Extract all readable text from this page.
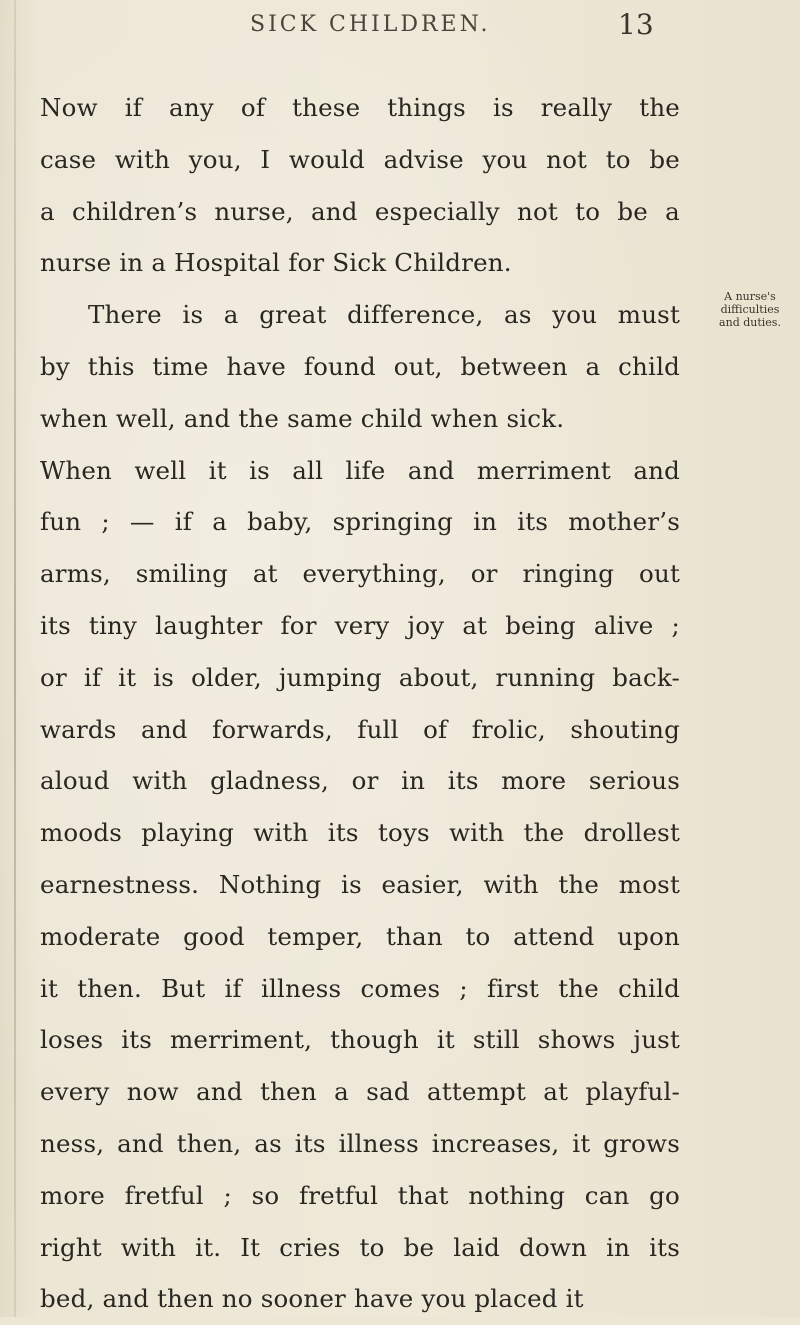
SICK CHILDREN.	13
A nurse's
difficulties
and duties.
Now if any of these things is really the
case with you, I would advise you not to be
a children’s nurse, and especially not to be a
nurse in a Hospital for Sick Children.
There is a great difference, as you must
by this time have found out, between a child
when well, and the same child when sick.
When well it is all life and merriment and
fun ; — if a baby, springing in its mother’s
arms, smiling at everything, or ringing out
its tiny laughter for very joy at being alive ;
or if it is older, jumping about, running back-
wards and forwards, full of frolic, shouting
aloud with gladness, or in its more serious
moods playing with its toys with the drollest
earnestness. Nothing is easier, with the most
moderate good temper, than to attend upon
it then. But if illness comes ; first the child
loses its merriment, though it still shows just
every now and then a sad attempt at playful-
ness, and then, as its illness increases, it grows
more fretful ; so fretful that nothing can go
right with it. It cries to be laid down in its
bed, and then no sooner have you placed it
